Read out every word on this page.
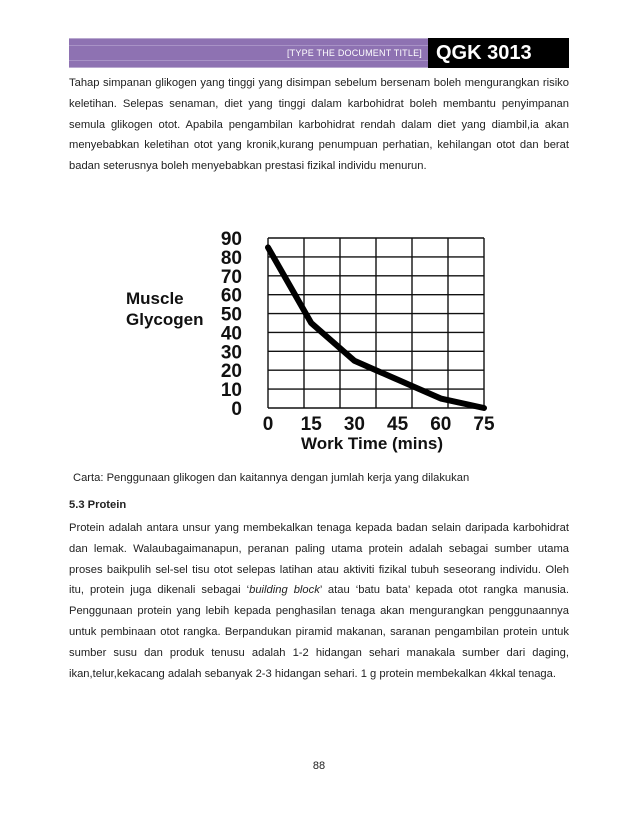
[TYPE THE DOCUMENT TITLE] QGK 3013

Tahap simpanan glikogen yang tinggi yang disimpan sebelum bersenam boleh mengurangkan risiko keletihan. Selepas senaman, diet yang tinggi dalam karbohidrat boleh membantu penyimpanan semula glikogen otot. Apabila pengambilan karbohidrat rendah dalam diet yang diambil,ia akan menyebabkan keletihan otot yang kronik,kurang penumpuan perhatian, kehilangan otot dan berat badan seterusnya boleh menyebabkan prestasi fizikal individu menurun.

0
10
20
30
40
50
60
70
80
90
0 15 30 45 60 75
Muscle
Glycogen
Work Time (mins)
Carta: Penggunaan glikogen dan kaitannya dengan jumlah kerja yang dilakukan
5.3 Protein

Protein adalah antara unsur yang membekalkan tenaga kepada badan selain daripada karbohidrat dan lemak. Walaubagaimanapun, peranan paling utama protein adalah sebagai sumber utama proses baikpulih sel-sel tisu otot selepas latihan atau aktiviti fizikal tubuh seseorang individu. Oleh itu, protein juga dikenali sebagai ‘building block’ atau ‘batu bata’ kepada otot rangka manusia. Penggunaan protein yang lebih kepada penghasilan tenaga akan mengurangkan penggunaannya untuk pembinaan otot rangka. Berpandukan piramid makanan, saranan pengambilan protein untuk sumber susu dan produk tenusu adalah 1-2 hidangan sehari manakala sumber dari daging, ikan,telur,kekacang adalah sebanyak 2-3 hidangan sehari. 1 g protein membekalkan 4kkal tenaga.

88
